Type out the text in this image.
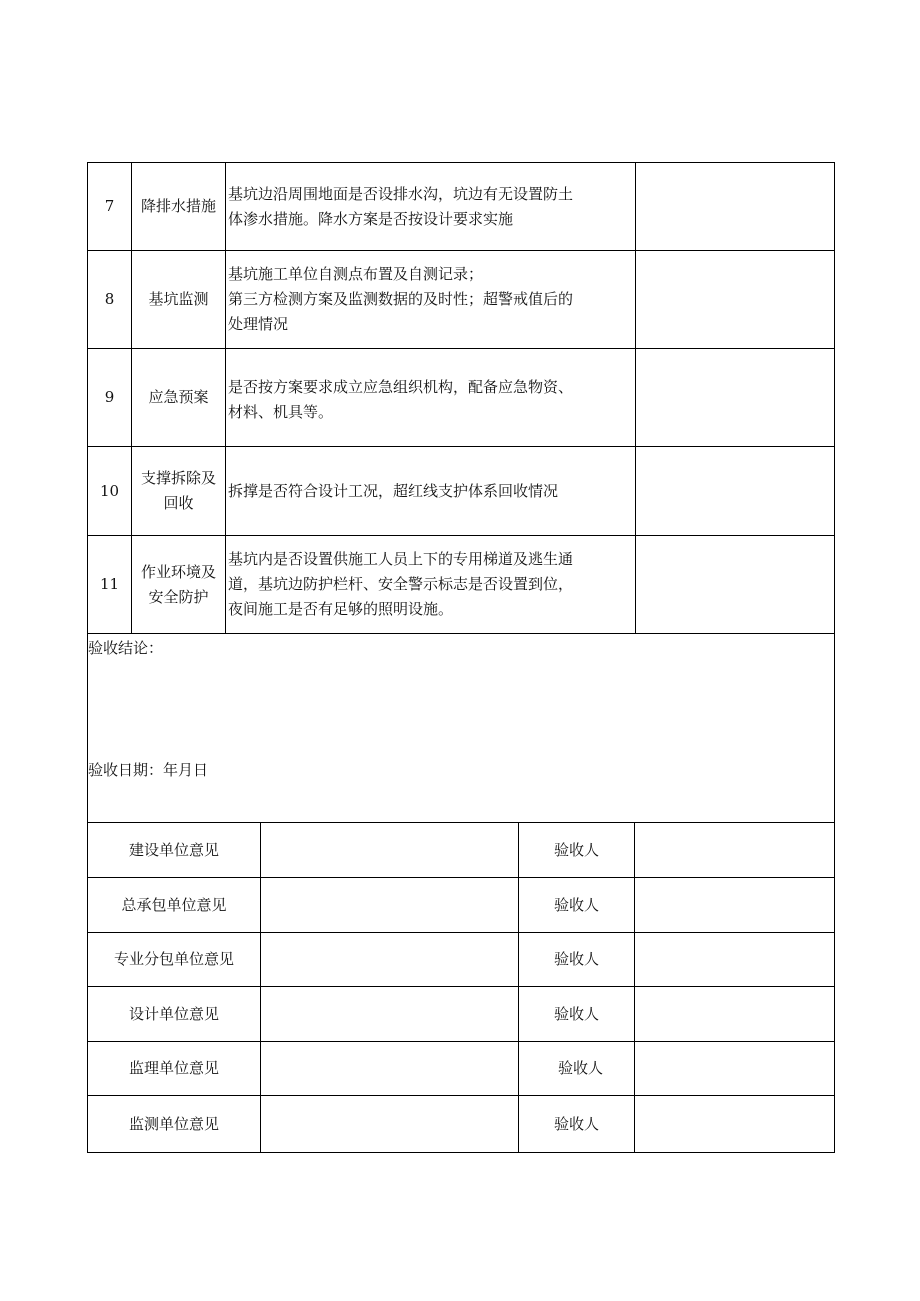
7	降排水措施	基坑边沿周围地面是否设排水沟，坑边有无设置防土
体渗水措施。降水方案是否按设计要求实施	

8	基坑监测	基坑施工单位自测点布置及自测记录；
第三方检测方案及监测数据的及时性；超警戒值后的
处理情况	

9	应急预案	是否按方案要求成立应急组织机构，配备应急物资、
材料、机具等。	

10	支撑拆除及
回收	拆撑是否符合设计工况，超红线支护体系回收情况	

11	作业环境及
安全防护	基坑内是否设置供施工人员上下的专用梯道及逃生通
道，基坑边防护栏杆、安全警示标志是否设置到位，
夜间施工是否有足够的照明设施。	

验收结论：
验收日期：年月日			
建设单位意见		验收人	
总承包单位意见		验收人	
专业分包单位意见		验收人	
设计单位意见		验收人	
监理单位意见		验收人	
监测单位意见		验收人	
